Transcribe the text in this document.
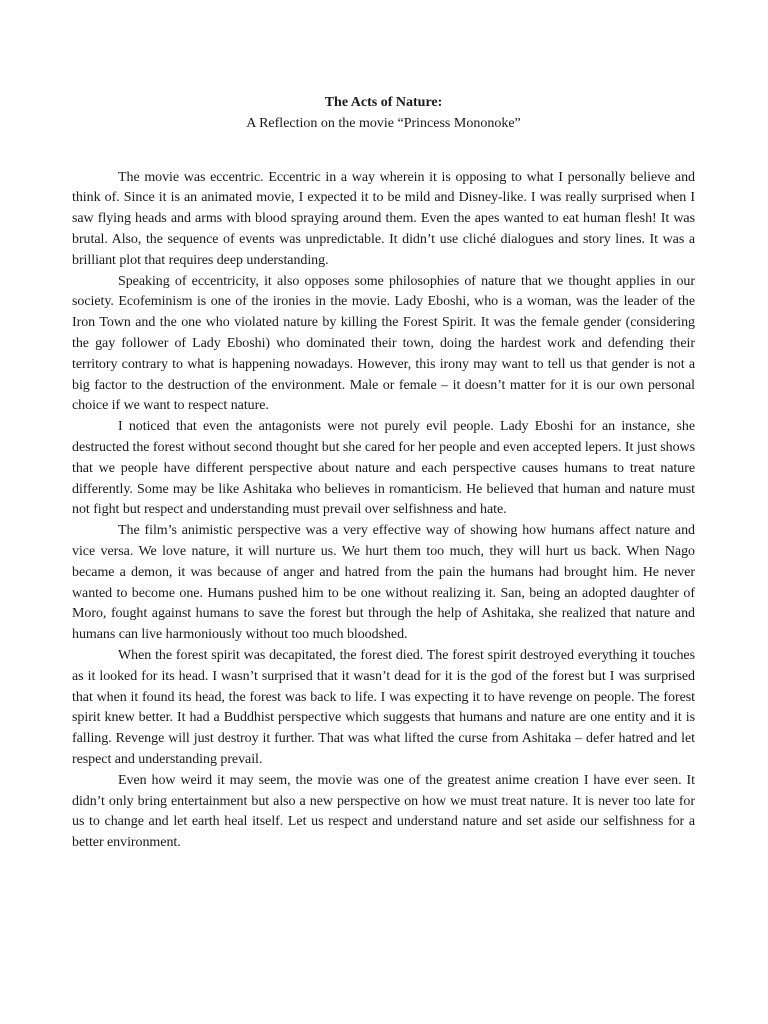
The Acts of Nature:

A Reflection on the movie “Princess Mononoke”

The movie was eccentric. Eccentric in a way wherein it is opposing to what I personally believe and think of. Since it is an animated movie, I expected it to be mild and Disney-like. I was really surprised when I saw flying heads and arms with blood spraying around them. Even the apes wanted to eat human flesh! It was brutal. Also, the sequence of events was unpredictable. It didn’t use cliché dialogues and story lines. It was a brilliant plot that requires deep understanding.

Speaking of eccentricity, it also opposes some philosophies of nature that we thought applies in our society. Ecofeminism is one of the ironies in the movie. Lady Eboshi, who is a woman, was the leader of the Iron Town and the one who violated nature by killing the Forest Spirit. It was the female gender (considering the gay follower of Lady Eboshi) who dominated their town, doing the hardest work and defending their territory contrary to what is happening nowadays. However, this irony may want to tell us that gender is not a big factor to the destruction of the environment. Male or female – it doesn’t matter for it is our own personal choice if we want to respect nature.

I noticed that even the antagonists were not purely evil people. Lady Eboshi for an instance, she destructed the forest without second thought but she cared for her people and even accepted lepers. It just shows that we people have different perspective about nature and each perspective causes humans to treat nature differently. Some may be like Ashitaka who believes in romanticism. He believed that human and nature must not fight but respect and understanding must prevail over selfishness and hate.

The film’s animistic perspective was a very effective way of showing how humans affect nature and vice versa. We love nature, it will nurture us. We hurt them too much, they will hurt us back. When Nago became a demon, it was because of anger and hatred from the pain the humans had brought him. He never wanted to become one. Humans pushed him to be one without realizing it. San, being an adopted daughter of Moro, fought against humans to save the forest but through the help of Ashitaka, she realized that nature and humans can live harmoniously without too much bloodshed.

When the forest spirit was decapitated, the forest died. The forest spirit destroyed everything it touches as it looked for its head. I wasn’t surprised that it wasn’t dead for it is the god of the forest but I was surprised that when it found its head, the forest was back to life. I was expecting it to have revenge on people. The forest spirit knew better. It had a Buddhist perspective which suggests that humans and nature are one entity and it is falling. Revenge will just destroy it further. That was what lifted the curse from Ashitaka – defer hatred and let respect and understanding prevail.

Even how weird it may seem, the movie was one of the greatest anime creation I have ever seen. It didn’t only bring entertainment but also a new perspective on how we must treat nature. It is never too late for us to change and let earth heal itself. Let us respect and understand nature and set aside our selfishness for a better environment.
